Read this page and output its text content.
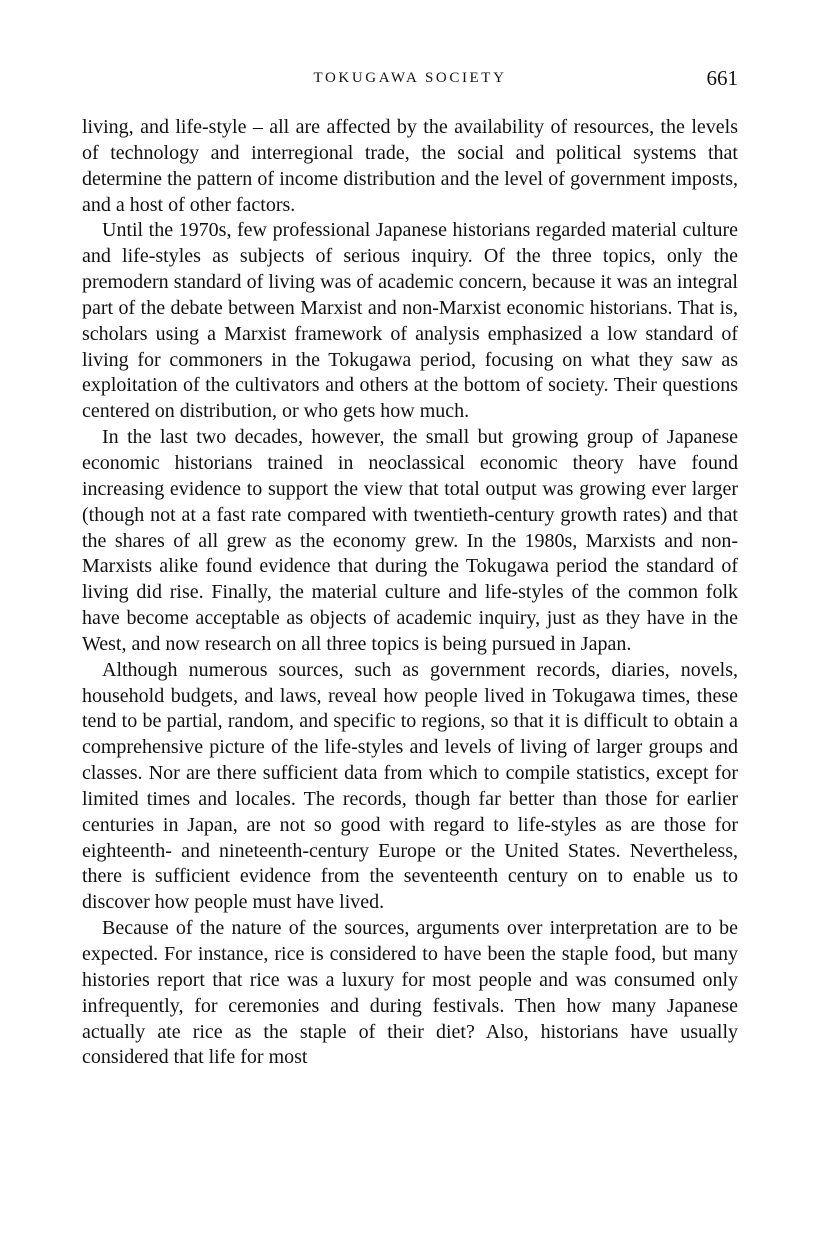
TOKUGAWA SOCIETY	661

living, and life-style – all are affected by the availability of resources, the levels of technology and interregional trade, the social and political systems that determine the pattern of income distribution and the level of government imposts, and a host of other factors.

Until the 1970s, few professional Japanese historians regarded material culture and life-styles as subjects of serious inquiry. Of the three topics, only the premodern standard of living was of academic concern, because it was an integral part of the debate between Marxist and non-Marxist economic historians. That is, scholars using a Marxist framework of analysis emphasized a low standard of living for commoners in the Tokugawa period, focusing on what they saw as exploitation of the cultivators and others at the bottom of society. Their questions centered on distribution, or who gets how much.

In the last two decades, however, the small but growing group of Japanese economic historians trained in neoclassical economic theory have found increasing evidence to support the view that total output was growing ever larger (though not at a fast rate compared with twentieth-century growth rates) and that the shares of all grew as the economy grew. In the 1980s, Marxists and non-Marxists alike found evidence that during the Tokugawa period the standard of living did rise. Finally, the material culture and life-styles of the common folk have become acceptable as objects of academic inquiry, just as they have in the West, and now research on all three topics is being pursued in Japan.

Although numerous sources, such as government records, diaries, novels, household budgets, and laws, reveal how people lived in Tokugawa times, these tend to be partial, random, and specific to regions, so that it is difficult to obtain a comprehensive picture of the life-styles and levels of living of larger groups and classes. Nor are there sufficient data from which to compile statistics, except for limited times and locales. The records, though far better than those for earlier centuries in Japan, are not so good with regard to life-styles as are those for eighteenth- and nineteenth-century Europe or the United States. Nevertheless, there is sufficient evidence from the seventeenth century on to enable us to discover how people must have lived.

Because of the nature of the sources, arguments over interpretation are to be expected. For instance, rice is considered to have been the staple food, but many histories report that rice was a luxury for most people and was consumed only infrequently, for ceremonies and during festivals. Then how many Japanese actually ate rice as the staple of their diet? Also, historians have usually considered that life for most
